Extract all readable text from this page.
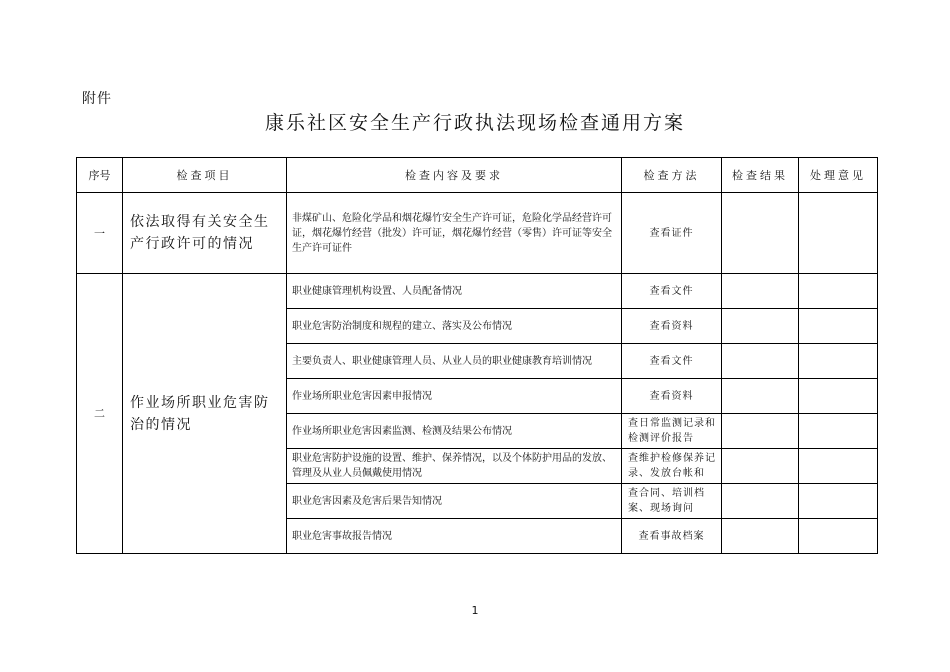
附件
康乐社区安全生产行政执法现场检查通用方案
序号	检查项目	检查内容及要求	检查方法	检查结果	处理意见
一	依法取得有关安全生产行政许可的情况	非煤矿山、危险化学品和烟花爆竹安全生产许可证，危险化学品经营许可证，烟花爆竹经营（批发）许可证，烟花爆竹经营（零售）许可证等安全生产许可证件	查看证件		
二	作业场所职业危害防治的情况	职业健康管理机构设置、人员配备情况	查看文件		
		职业危害防治制度和规程的建立、落实及公布情况	查看资料		
		主要负责人、职业健康管理人员、从业人员的职业健康教育培训情况	查看文件		
		作业场所职业危害因素申报情况	查看资料		
		作业场所职业危害因素监测、检测及结果公布情况	查日常监测记录和检测评价报告		
		职业危害防护设施的设置、维护、保养情况，以及个体防护用品的发放、管理及从业人员佩戴使用情况	查维护检修保养记录、发放台帐和		
		职业危害因素及危害后果告知情况	查合同、培训档案、现场询问		
		职业危害事故报告情况	查看事故档案		
1
